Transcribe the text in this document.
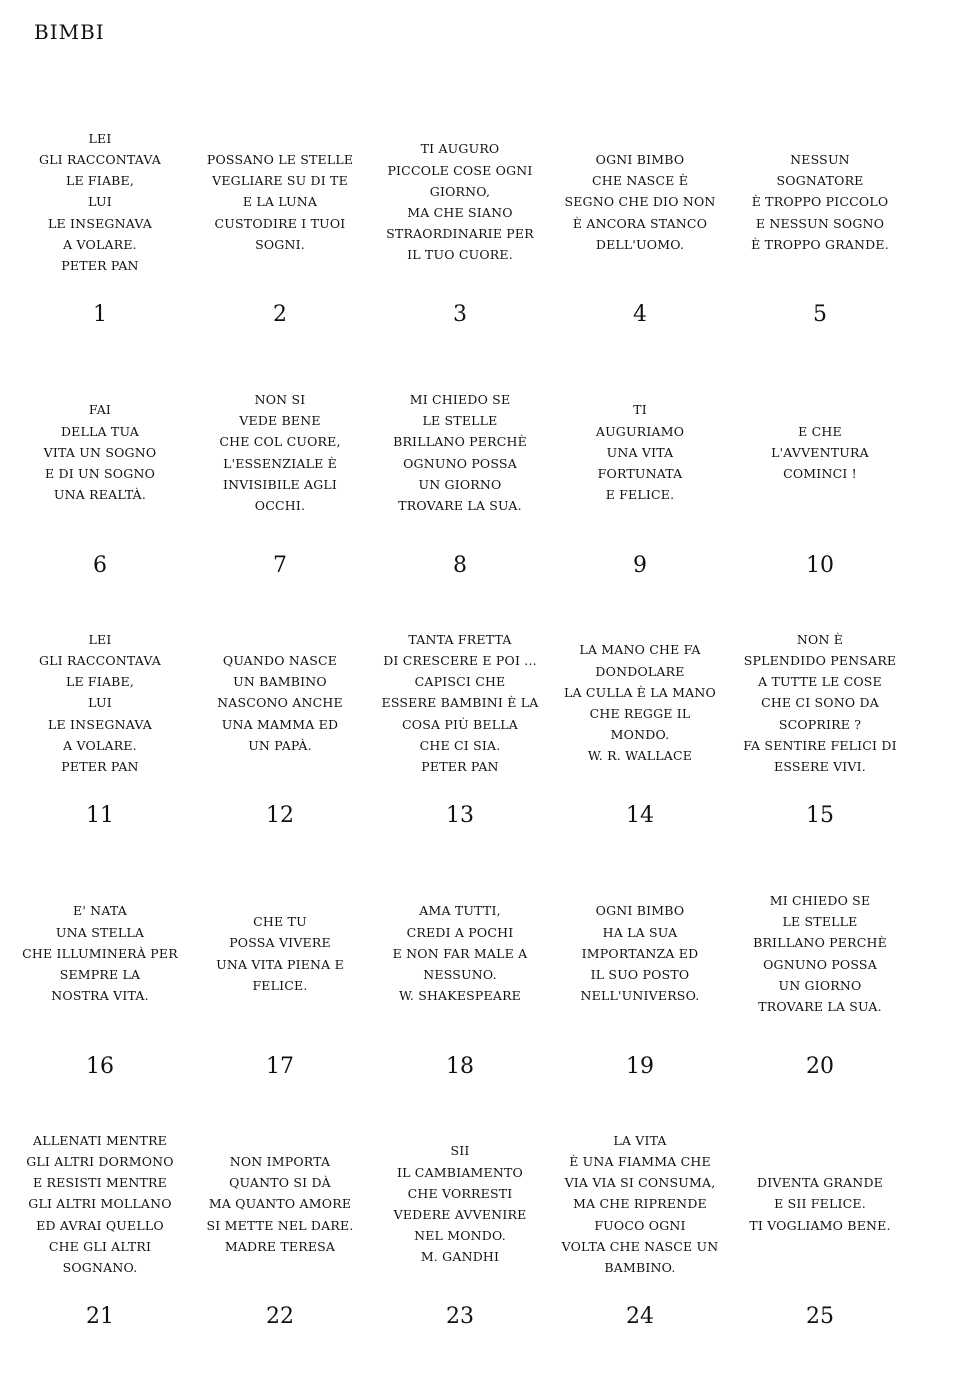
BIMBI
LEI
GLI RACCONTAVA
LE FIABE,
LUI
LE INSEGNAVA
A VOLARE.
PETER PAN
1
POSSANO LE STELLE
VEGLIARE SU DI TE
E LA LUNA
CUSTODIRE I TUOI
SOGNI.
2
TI AUGURO
PICCOLE COSE OGNI
GIORNO,
MA CHE SIANO
STRAORDINARIE PER
IL TUO CUORE.
3
OGNI BIMBO
CHE NASCE È
SEGNO CHE DIO NON
È ANCORA STANCO
DELL'UOMO.
4
NESSUN
SOGNATORE
È TROPPO PICCOLO
E NESSUN SOGNO
È TROPPO GRANDE.
5
FAI
DELLA TUA
VITA UN SOGNO
E DI UN SOGNO
UNA REALTÀ.
6
NON SI
VEDE BENE
CHE COL CUORE,
L'ESSENZIALE È
INVISIBILE AGLI
OCCHI.
7
MI CHIEDO SE
LE STELLE
BRILLANO PERCHÈ
OGNUNO POSSA
UN GIORNO
TROVARE LA SUA.
8
TI
AUGURIAMO
UNA VITA
FORTUNATA
E FELICE.
9
E CHE
L'AVVENTURA
COMINCI !
10
LEI
GLI RACCONTAVA
LE FIABE,
LUI
LE INSEGNAVA
A VOLARE.
PETER PAN
11
QUANDO NASCE
UN BAMBINO
NASCONO ANCHE
UNA MAMMA ED
UN PAPÀ.
12
TANTA FRETTA
DI CRESCERE E POI ...
CAPISCI CHE
ESSERE BAMBINI È LA
COSA PIÙ BELLA
CHE CI SIA.
PETER PAN
13
LA MANO CHE FA
DONDOLARE
LA CULLA È LA MANO
CHE REGGE IL
MONDO.
W. R. WALLACE
14
NON È
SPLENDIDO PENSARE
A TUTTE LE COSE
CHE CI SONO DA
SCOPRIRE ?
FA SENTIRE FELICI DI
ESSERE VIVI.
15
E' NATA
UNA STELLA
CHE ILLUMINERÀ PER
SEMPRE LA
NOSTRA VITA.
16
CHE TU
POSSA VIVERE
UNA VITA PIENA E
FELICE.
17
AMA TUTTI,
CREDI A POCHI
E NON FAR MALE A
NESSUNO.
W. SHAKESPEARE
18
OGNI BIMBO
HA LA SUA
IMPORTANZA ED
IL SUO POSTO
NELL'UNIVERSO.
19
MI CHIEDO SE
LE STELLE
BRILLANO PERCHÈ
OGNUNO POSSA
UN GIORNO
TROVARE LA SUA.
20
ALLENATI MENTRE
GLI ALTRI DORMONO
E RESISTI MENTRE
GLI ALTRI MOLLANO
ED AVRAI QUELLO
CHE GLI ALTRI
SOGNANO.
21
NON IMPORTA
QUANTO SI DÀ
MA QUANTO AMORE
SI METTE NEL DARE.
MADRE TERESA
22
SII
IL CAMBIAMENTO
CHE VORRESTI
VEDERE AVVENIRE
NEL MONDO.
M. GANDHI
23
LA VITA
È UNA FIAMMA CHE
VIA VIA SI CONSUMA,
MA CHE RIPRENDE
FUOCO OGNI
VOLTA CHE NASCE UN
BAMBINO.
24
DIVENTA GRANDE
E SII FELICE.
TI VOGLIAMO BENE.
25
